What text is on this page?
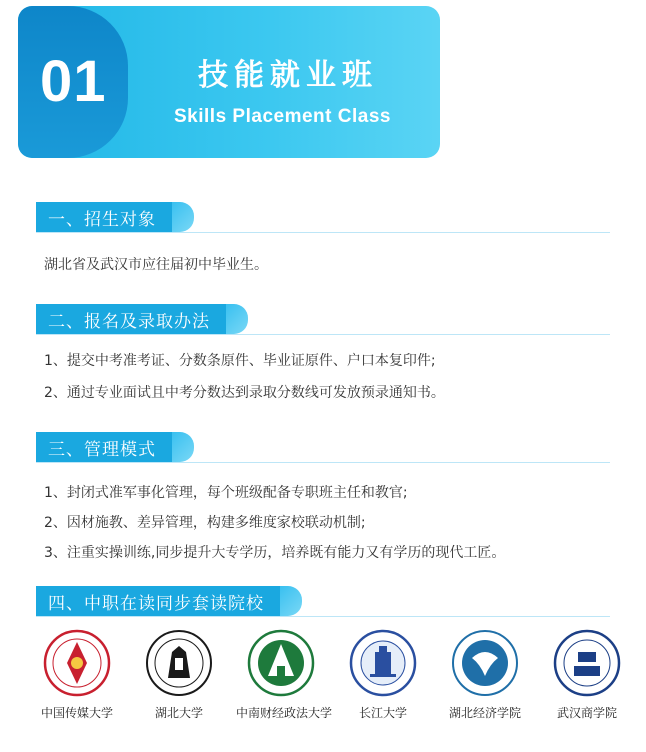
01	技能就业班
Skills Placement Class
一、招生对象
湖北省及武汉市应往届初中毕业生。
二、报名及录取办法
1、提交中考准考证、分数条原件、毕业证原件、户口本复印件;
2、通过专业面试且中考分数达到录取分数线可发放预录通知书。
三、管理模式
1、封闭式准军事化管理，每个班级配备专职班主任和教官;
2、因材施教、差异管理，构建多维度家校联动机制;
3、注重实操训练,同步提升大专学历，培养既有能力又有学历的现代工匠。
四、中职在读同步套读院校
中国传媒大学	湖北大学	中南财经政法大学	长江大学	湖北经济学院	武汉商学院
